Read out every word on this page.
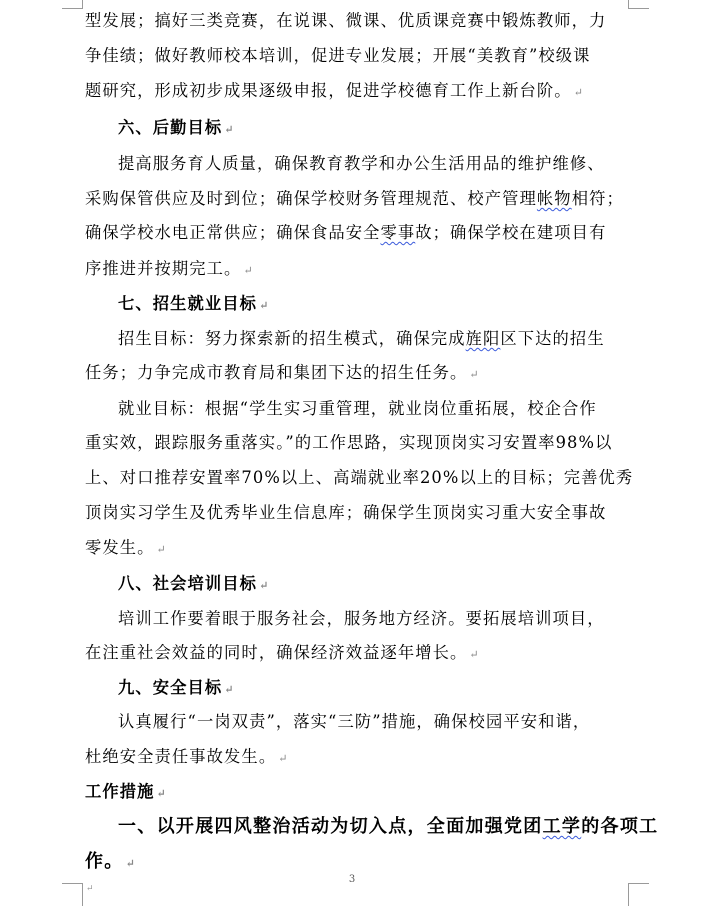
型发展；搞好三类竞赛，在说课、微课、优质课竞赛中锻炼教师，力
争佳绩；做好教师校本培训，促进专业发展；开展“美教育”校级课
题研究，形成初步成果逐级申报，促进学校德育工作上新台阶。 ↵
六、后勤目标 ↵
提高服务育人质量，确保教育教学和办公生活用品的维护维修、
采购保管供应及时到位；确保学校财务管理规范、校产管理帐物相符；
确保学校水电正常供应；确保食品安全零事故；确保学校在建项目有
序推进并按期完工。 ↵
七、招生就业目标 ↵
招生目标：努力探索新的招生模式，确保完成旌阳区下达的招生
任务；力争完成市教育局和集团下达的招生任务。 ↵
就业目标：根据“学生实习重管理，就业岗位重拓展，校企合作
重实效，跟踪服务重落实。”的工作思路，实现顶岗实习安置率98%以
上、对口推荐安置率70%以上、高端就业率20%以上的目标；完善优秀
顶岗实习学生及优秀毕业生信息库；确保学生顶岗实习重大安全事故
零发生。 ↵
八、社会培训目标 ↵
培训工作要着眼于服务社会，服务地方经济。要拓展培训项目，
在注重社会效益的同时，确保经济效益逐年增长。 ↵
九、安全目标 ↵
认真履行“一岗双责”，落实“三防”措施，确保校园平安和谐，
杜绝安全责任事故发生。 ↵
工作措施 ↵
一、以开展四风整治活动为切入点，全面加强党团工学的各项工
作。 ↵
↵
3
